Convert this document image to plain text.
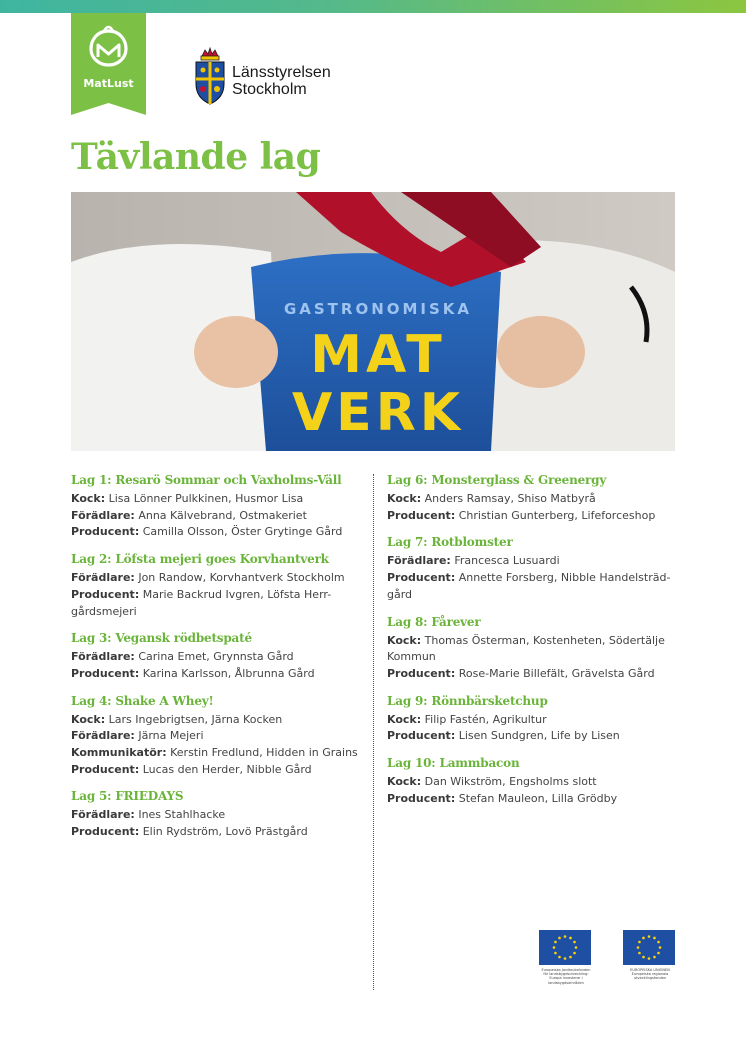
MatLust
Länsstyrelsen
Stockholm
Tävlande lag
GASTRONOMISKA
MAT
VERK
Lag 1: Resarö Sommar och Vaxholms-Väll
Kock: Lisa Lönner Pulkkinen, Husmor Lisa
Förädlare: Anna Kälvebrand, Ostmakeriet
Producent: Camilla Olsson, Öster Grytinge Gård
Lag 2: Löfsta mejeri goes Korvhantverk
Förädlare: Jon Randow, Korvhantverk Stockholm
Producent: Marie Backrud Ivgren, Löfsta Herr-gårdsmejeri
Lag 3: Vegansk rödbetspaté
Förädlare: Carina Emet, Grynnsta Gård
Producent: Karina Karlsson, Ålbrunna Gård
Lag 4: Shake A Whey!
Kock: Lars Ingebrigtsen, Järna Kocken
Förädlare: Järna Mejeri
Kommunikatör: Kerstin Fredlund, Hidden in Grains
Producent: Lucas den Herder, Nibble Gård
Lag 5: FRIEDAYS
Förädlare: Ines Stahlhacke
Producent: Elin Rydström, Lovö Prästgård
Lag 6: Monsterglass & Greenergy
Kock: Anders Ramsay, Shiso Matbyrå
Producent: Christian Gunterberg, Lifeforceshop
Lag 7: Rotblomster
Förädlare: Francesca Lusuardi
Producent: Annette Forsberg, Nibble Handelsträd-gård
Lag 8: Fårever
Kock: Thomas Österman, Kostenheten, Södertälje Kommun
Producent: Rose-Marie Billefält, Grävelsta Gård
Lag 9: Rönnbärsketchup
Kock: Filip Fastén, Agrikultur
Producent: Lisen Sundgren, Life by Lisen
Lag 10: Lammbacon
Kock: Dan Wikström, Engsholms slott
Producent: Stefan Mauleon, Lilla Grödby
Europeiska Jordbruksfonden för landsbygdsutveckling: Europa investerar i landsbygdsområden
EUROPEISKA UNIONEN Europeiska regionala utvecklingsfonden
